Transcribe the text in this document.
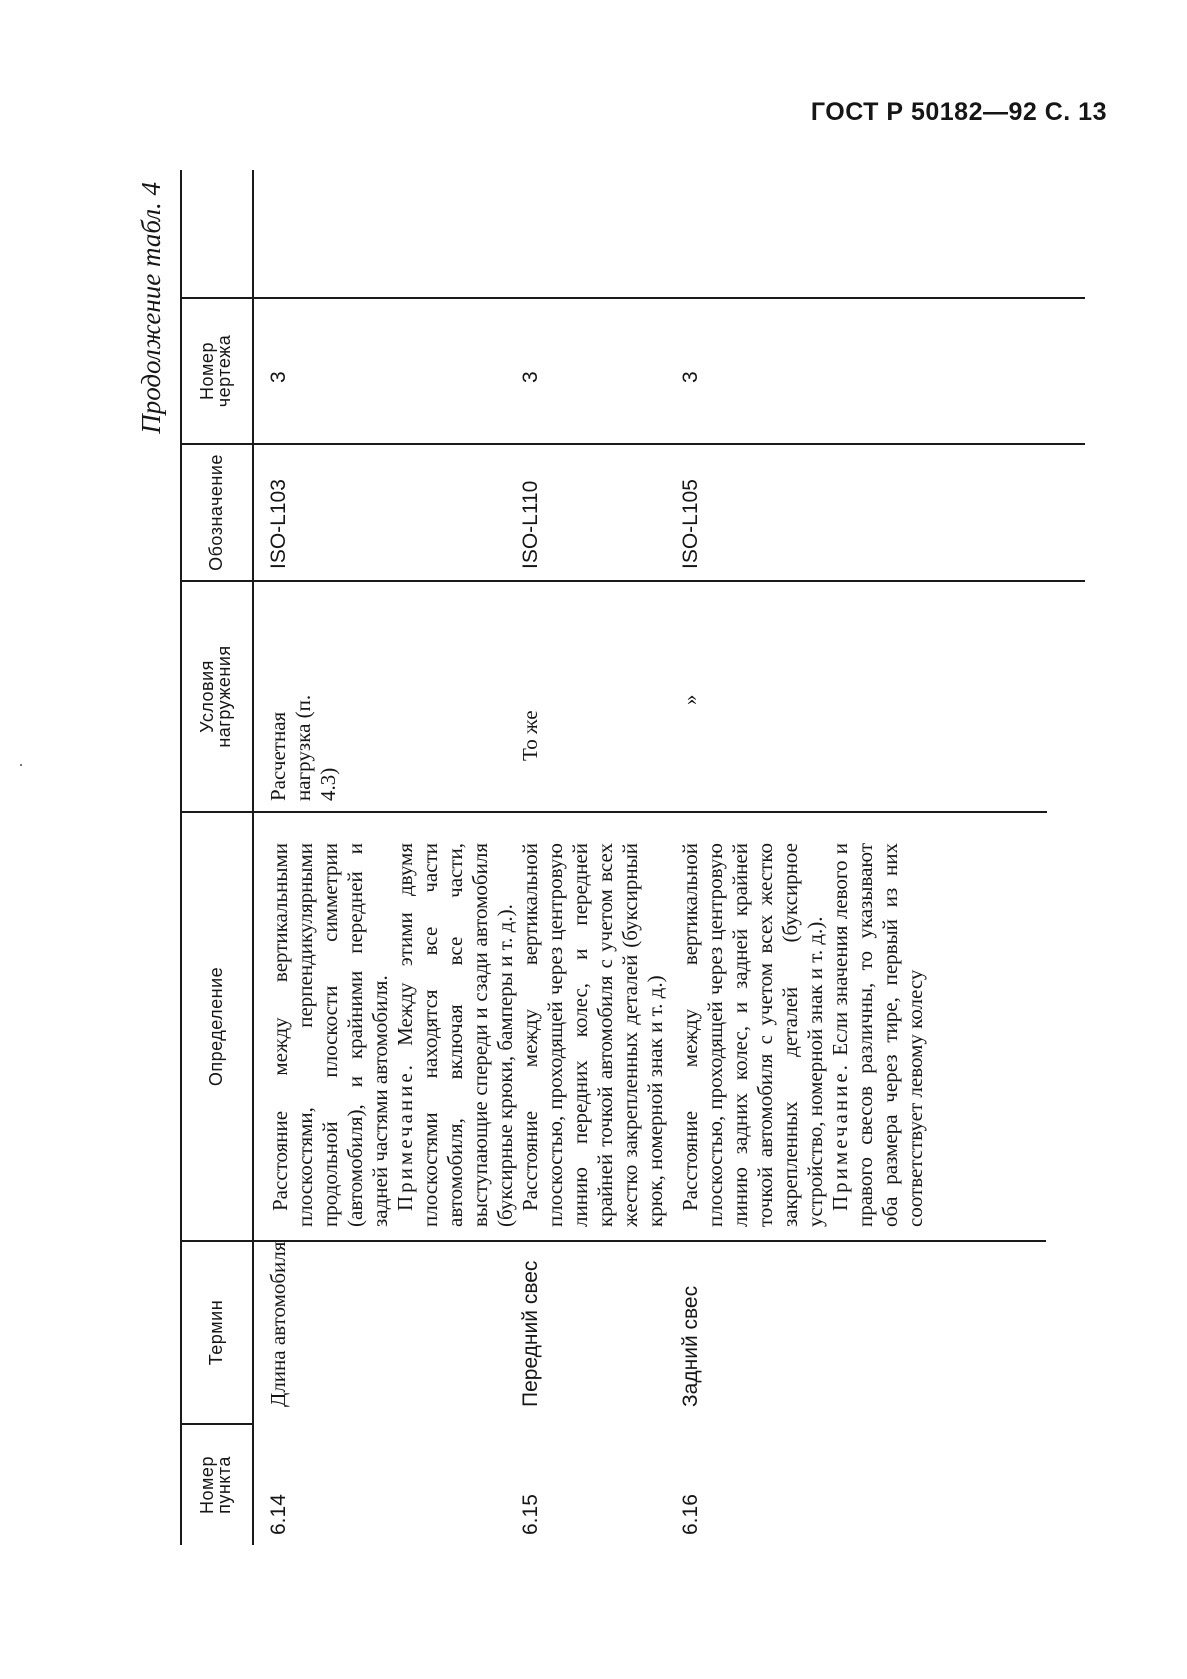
ГОСТ Р 50182—92 С. 13
Продолжение табл. 4
Номер пункта
Термин
Определение
Условия нагружения
Обозначение
Номер чертежа
6.14
Длина автомобиля

Расстояние между вертикальными плоскостями, перпендикулярными продольной плоскости симметрии (автомобиля), и крайними передней и задней частями автомобиля. Примечание. Между этими двумя плоскостями находятся все части автомобиля, включая все части, выступающие спереди и сзади автомобиля (буксирные крюки, бамперы и т. д.).

Расчетная нагрузка (п. 4.3)
ISO-L103
3
6.15
Передний свес

Расстояние между вертикальной плоскостью, проходящей через центровую линию передних колес, и передней крайней точкой автомобиля с учетом всех жестко закрепленных деталей (буксирный крюк, номерной знак и т. д.)

То же
ISO-L110
3
6.16
Задний свес

Расстояние между вертикальной плоскостью, проходящей через центровую линию задних колес, и задней крайней точкой автомобиля с учетом всех жестко закрепленных деталей (буксирное устройство, номерной знак и т. д.). Примечание. Если значения левого и правого свесов различны, то указывают оба размера через тире, первый из них соответствует левому колесу

»
ISO-L105
3
